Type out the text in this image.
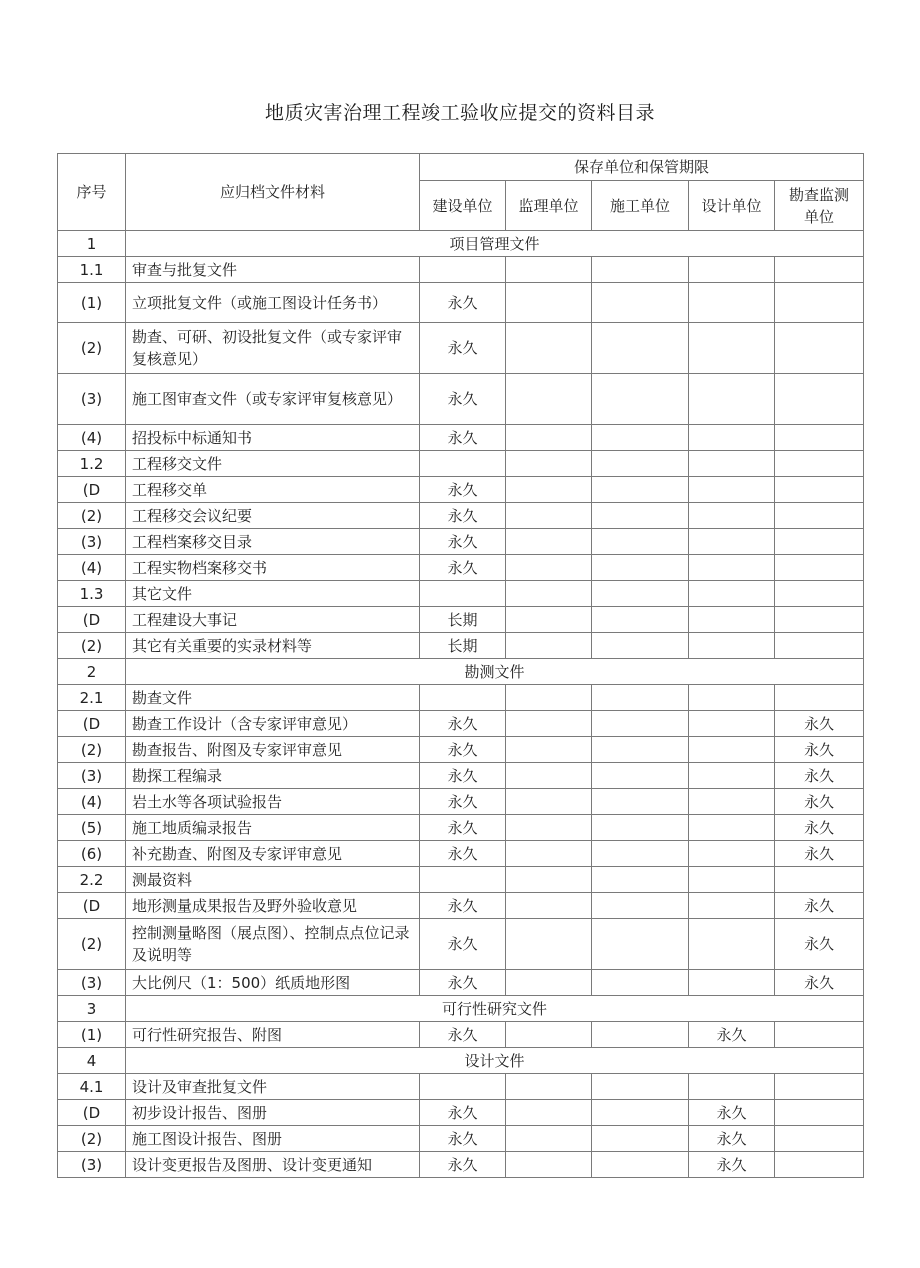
地质灾害治理工程竣工验收应提交的资料目录
序号	应归档文件材料	保存单位和保管期限				
		建设单位	监理单位	施工单位	设计单位	勘查监测
单位
1	项目管理文件					
1.1	审查与批复文件					
(1)	立项批复文件（或施工图设计任务书）	永久				
(2)	勘查、可研、初设批复文件（或专家评审复核意见）	永久				
(3)	施工图审查文件（或专家评审复核意见）	永久				
(4)	招投标中标通知书	永久				
1.2	工程移交文件					
(D	工程移交单	永久				
(2)	工程移交会议纪要	永久				
(3)	工程档案移交目录	永久				
(4)	工程实物档案移交书	永久				
1.3	其它文件					
(D	工程建设大事记	长期				
(2)	其它有关重要的实录材料等	长期				
2	勘测文件					
2.1	勘查文件					
(D	勘查工作设计（含专家评审意见）	永久				永久
(2)	勘查报告、附图及专家评审意见	永久				永久
(3)	勘探工程编录	永久				永久
(4)	岩土水等各项试验报告	永久				永久
(5)	施工地质编录报告	永久				永久
(6)	补充勘查、附图及专家评审意见	永久				永久
2.2	测最资料					
(D	地形测量成果报告及野外验收意见	永久				永久
(2)	控制测量略图（展点图）、控制点点位记录及说明等	永久				永久
(3)	大比例尺（1：500）纸质地形图	永久				永久
3	可行性研究文件					
(1)	可行性研究报告、附图	永久			永久	
4	设计文件					
4.1	设计及审查批复文件					
(D	初步设计报告、图册	永久			永久	
(2)	施工图设计报告、图册	永久			永久	
(3)	设计变更报告及图册、设计变更通知	永久			永久	
